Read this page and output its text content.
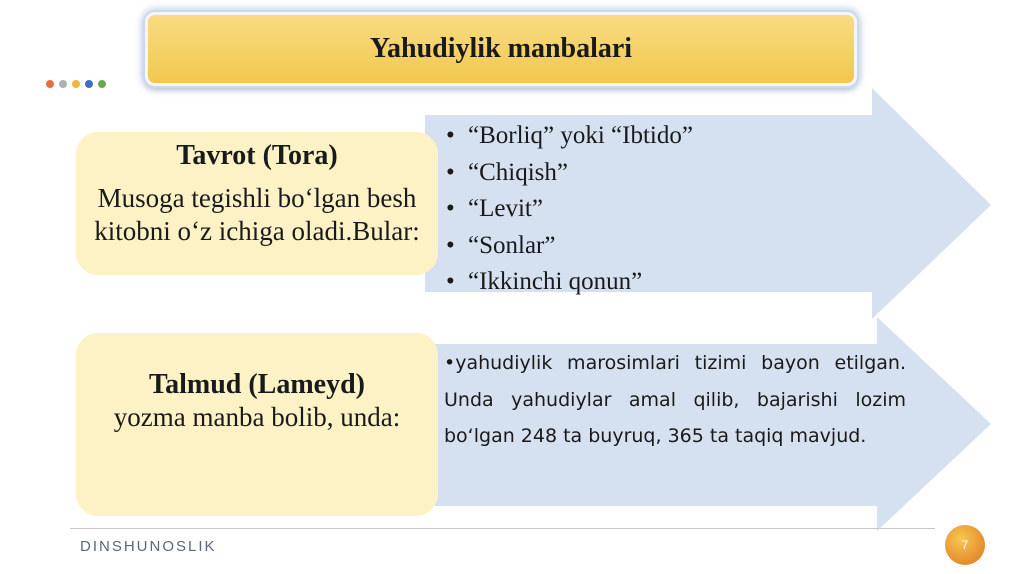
Yahudiylik manbalari
Tavrot (Tora)
Musoga tegishli bo‘lgan besh kitobni o‘z ichiga oladi.Bular:
• “Borliq” yoki “Ibtido”
• “Chiqish”
• “Levit”
• “Sonlar”
• “Ikkinchi qonun”
Talmud (Lameyd)
yozma manba bolib, unda:

•yahudiylik marosimlari tizimi bayon etilgan. Unda yahudiylar amal qilib, bajarishi lozim bo‘lgan 248 ta buyruq, 365 ta taqiq mavjud.

DINSHUNOSLIK	7
